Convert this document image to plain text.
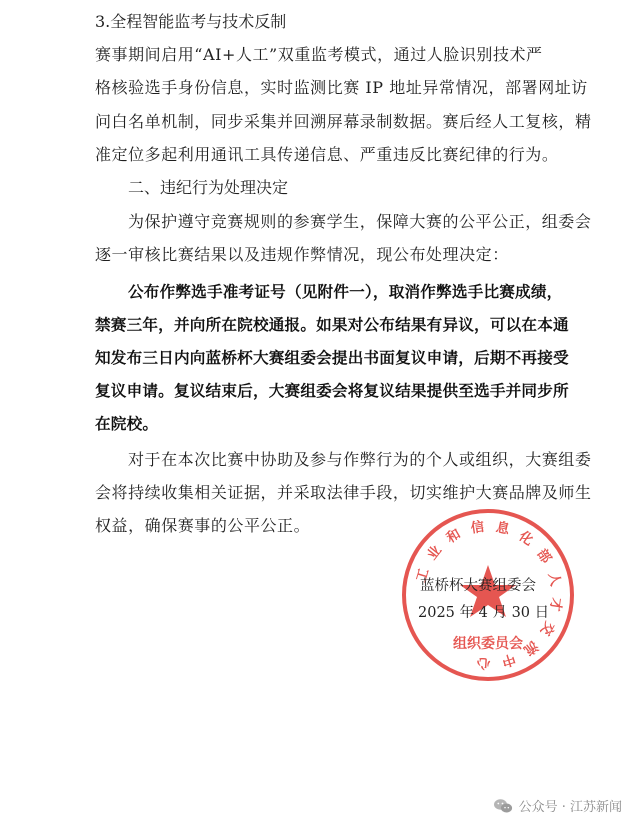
3.全程智能监考与技术反制
赛事期间启用“AI+人工”双重监考模式，通过人脸识别技术严
格核验选手身份信息，实时监测比赛 IP 地址异常情况，部署网址访
问白名单机制，同步采集并回溯屏幕录制数据。赛后经人工复核，精
准定位多起利用通讯工具传递信息、严重违反比赛纪律的行为。
二、违纪行为处理决定
为保护遵守竞赛规则的参赛学生，保障大赛的公平公正，组委会
逐一审核比赛结果以及违规作弊情况，现公布处理决定：
公布作弊选手准考证号（见附件一），取消作弊选手比赛成绩，
禁赛三年，并向所在院校通报。如果对公布结果有异议，可以在本通
知发布三日内向蓝桥杯大赛组委会提出书面复议申请，后期不再接受
复议申请。复议结束后，大赛组委会将复议结果提供至选手并同步所
在院校。
对于在本次比赛中协助及参与作弊行为的个人或组织，大赛组委
会将持续收集相关证据，并采取法律手段，切实维护大赛品牌及师生
权益，确保赛事的公平公正。
工业和信息化部人才交流中心
组织委员会
蓝桥杯大赛组委会
2025 年 4 月 30 日
公众号 · 江苏新闻
